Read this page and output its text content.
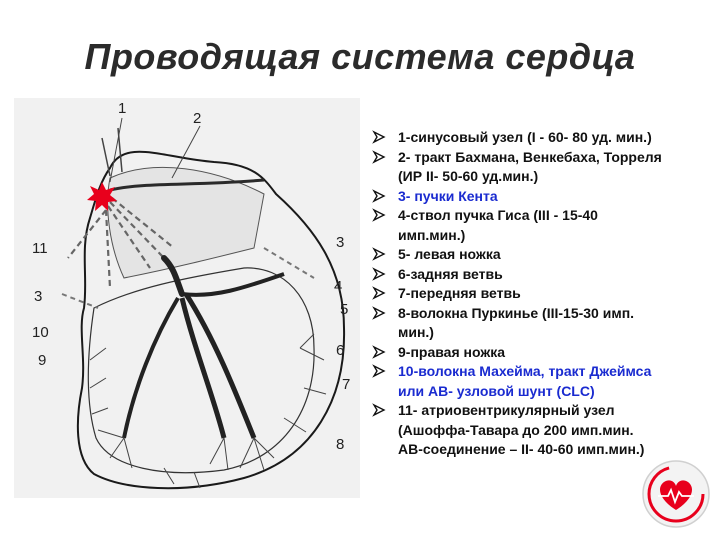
Проводящая система сердца
1
2
3
11
3
4
5
10
9
6
7
8
1-синусовый узел (I - 60- 80 уд. мин.)
2- тракт Бахмана, Венкебаха, Торреля (ИР II- 50-60 уд.мин.)
3- пучки Кента
4-ствол пучка Гиса (III - 15-40 имп.мин.)
5- левая ножка
6-задняя ветвь
7-передняя ветвь
8-волокна Пуркинье (III-15-30 имп. мин.)
9-правая ножка
10-волокна Махейма, тракт Джеймса или АВ- узловой шунт (CLC)
11- атриовентрикулярный узел (Ашоффа-Тавара до 200 имп.мин. АВ-соединение – II- 40-60 имп.мин.)
